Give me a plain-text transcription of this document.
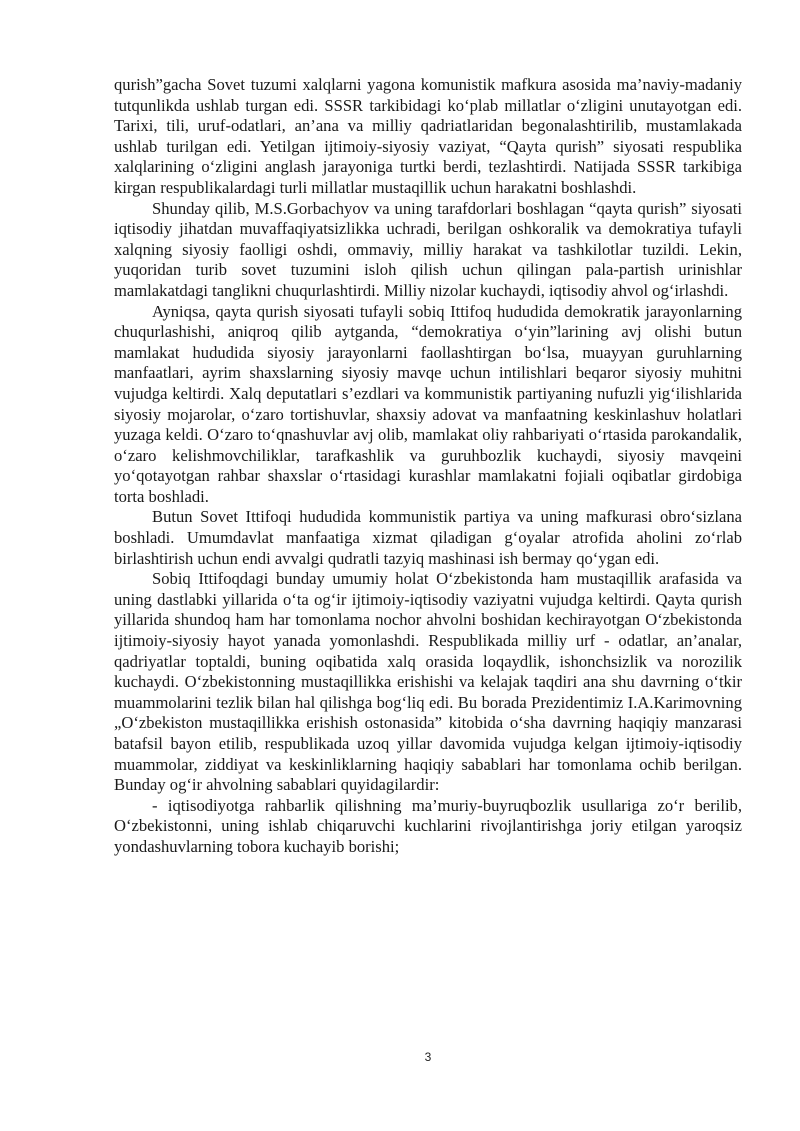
qurish”gacha Sovet tuzumi xalqlarni yagona komunistik mafkura asosida ma’naviy-madaniy tutqunlikda ushlab turgan edi. SSSR tarkibidagi ko‘plab millatlar o‘zligini unutayotgan edi. Tarixi, tili, uruf-odatlari, an’ana va milliy qadriatlaridan begonalashtirilib, mustamlakada ushlab turilgan edi. Yetilgan ijtimoiy-siyosiy vaziyat, “Qayta qurish” siyosati respublika xalqlarining o‘zligini anglash jarayoniga turtki berdi, tezlashtirdi. Natijada SSSR tarkibiga kirgan respublikalardagi turli millatlar mustaqillik uchun harakatni boshlashdi.

Shunday qilib, M.S.Gorbachyov va uning tarafdorlari boshlagan “qayta qurish” siyosati iqtisodiy jihatdan muvaffaqiyatsizlikka uchradi, berilgan oshkoralik va demokratiya tufayli xalqning siyosiy faolligi oshdi, ommaviy, milliy harakat va tashkilotlar tuzildi. Lekin, yuqoridan turib sovet tuzumini isloh qilish uchun qilingan pala-partish urinishlar mamlakatdagi tanglikni chuqurlashtirdi. Milliy nizolar kuchaydi, iqtisodiy ahvol og‘irlashdi.

Ayniqsa, qayta qurish siyosati tufayli sobiq Ittifoq hududida demokratik jarayonlarning chuqurlashishi, aniqroq qilib aytganda, “demokratiya o‘yin”larining avj olishi butun mamlakat hududida siyosiy jarayonlarni faollashtirgan bo‘lsa, muayyan guruhlarning manfaatlari, ayrim shaxslarning siyosiy mavqe uchun intilishlari beqaror siyosiy muhitni vujudga keltirdi. Xalq deputatlari s’ezdlari va kommunistik partiyaning nufuzli yig‘ilishlarida siyosiy mojarolar, o‘zaro tortishuvlar, shaxsiy adovat va manfaatning keskinlashuv holatlari yuzaga keldi. O‘zaro to‘qnashuvlar avj olib, mamlakat oliy rahbariyati o‘rtasida parokandalik, o‘zaro kelishmovchiliklar, tarafkashlik va guruhbozlik kuchaydi, siyosiy mavqeini yo‘qotayotgan rahbar shaxslar o‘rtasidagi kurashlar mamlakatni fojiali oqibatlar girdobiga torta boshladi.

Butun Sovet Ittifoqi hududida kommunistik partiya va uning mafkurasi obro‘sizlana boshladi. Umumdavlat manfaatiga xizmat qiladigan g‘oyalar atrofida aholini zo‘rlab birlashtirish uchun endi avvalgi qudratli tazyiq mashinasi ish bermay qo‘ygan edi.

Sobiq Ittifoqdagi bunday umumiy holat O‘zbekistonda ham mustaqillik arafasida va uning dastlabki yillarida o‘ta og‘ir ijtimoiy-iqtisodiy vaziyatni vujudga keltirdi. Qayta qurish yillarida shundoq ham har tomonlama nochor ahvolni boshidan kechirayotgan O‘zbekistonda ijtimoiy-siyosiy hayot yanada yomonlashdi. Respublikada milliy urf - odatlar, an’analar, qadriyatlar toptaldi, buning oqibatida xalq orasida loqaydlik, ishonchsizlik va norozilik kuchaydi. O‘zbekistonning mustaqillikka erishishi va kelajak taqdiri ana shu davrning o‘tkir muammolarini tezlik bilan hal qilishga bog‘liq edi. Bu borada Prezidentimiz I.A.Karimovning „O‘zbekiston mustaqillikka erishish ostonasida” kitobida o‘sha davrning haqiqiy manzarasi batafsil bayon etilib, respublikada uzoq yillar davomida vujudga kelgan ijtimoiy-iqtisodiy muammolar, ziddiyat va keskinliklarning haqiqiy sabablari har tomonlama ochib berilgan. Bunday og‘ir ahvolning sabablari quyidagilardir:

- iqtisodiyotga rahbarlik qilishning ma’muriy-buyruqbozlik usullariga zo‘r berilib, O‘zbekistonni, uning ishlab chiqaruvchi kuchlarini rivojlantirishga joriy etilgan yaroqsiz yondashuvlarning tobora kuchayib borishi;

3
